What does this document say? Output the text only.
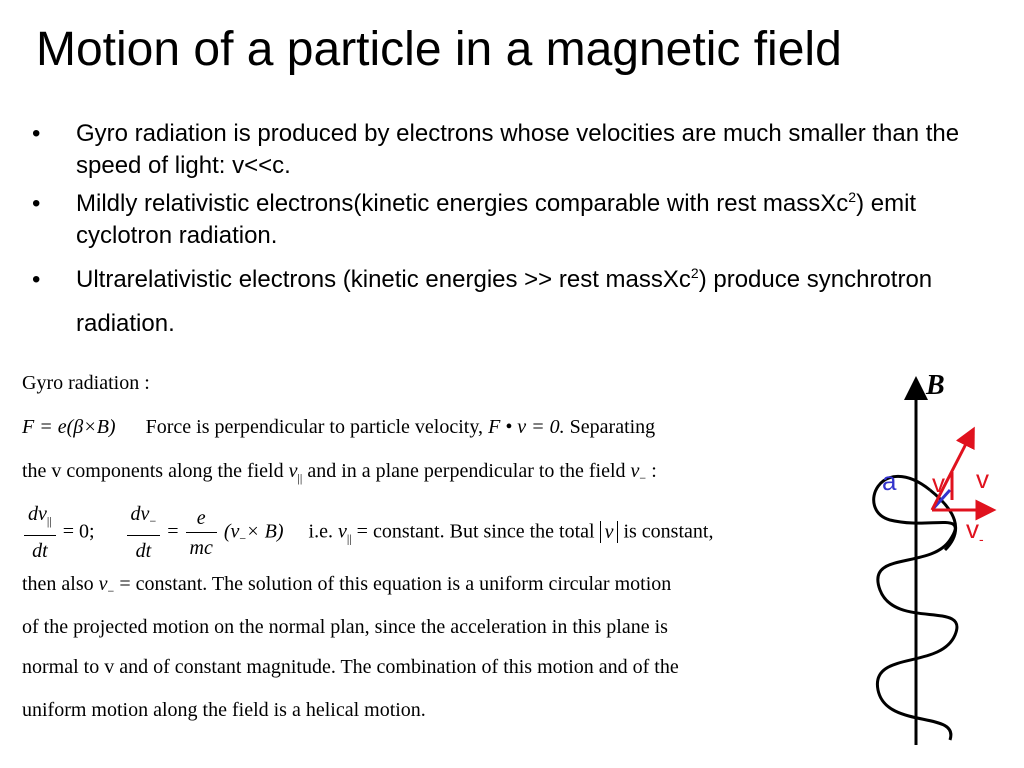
Motion of a particle in a magnetic field
• Gyro radiation is produced by electrons whose velocities are much smaller than the speed of light: v<<c.
• Mildly relativistic electrons(kinetic energies comparable with rest massXc$^2$) emit cyclotron radiation.
• Ultrarelativistic electrons (kinetic energies >> rest massXc$^2$) produce synchrotron radiation.
Gyro radiation :
F = e(β×B) Force is perpendicular to particle velocity, F • v = 0. Separating
the v components along the field $v_{||}$ and in a plane perpendicular to the field $v_-$ :
$\frac{dv_{||}}{dt} = 0$; $\frac{dv_-}{dt} = \frac{e}{mc} (v_-\times B)$ i.e. $v_{||}$ = constant. But since the total v is constant,
then also $v_-$ = constant. The solution of this equation is a uniform circular motion
of the projected motion on the normal plan, since the acceleration in this plane is
normal to v and of constant magnitude. The combination of this motion and of the
uniform motion along the field is a helical motion.
B
a v v
$v_-$
